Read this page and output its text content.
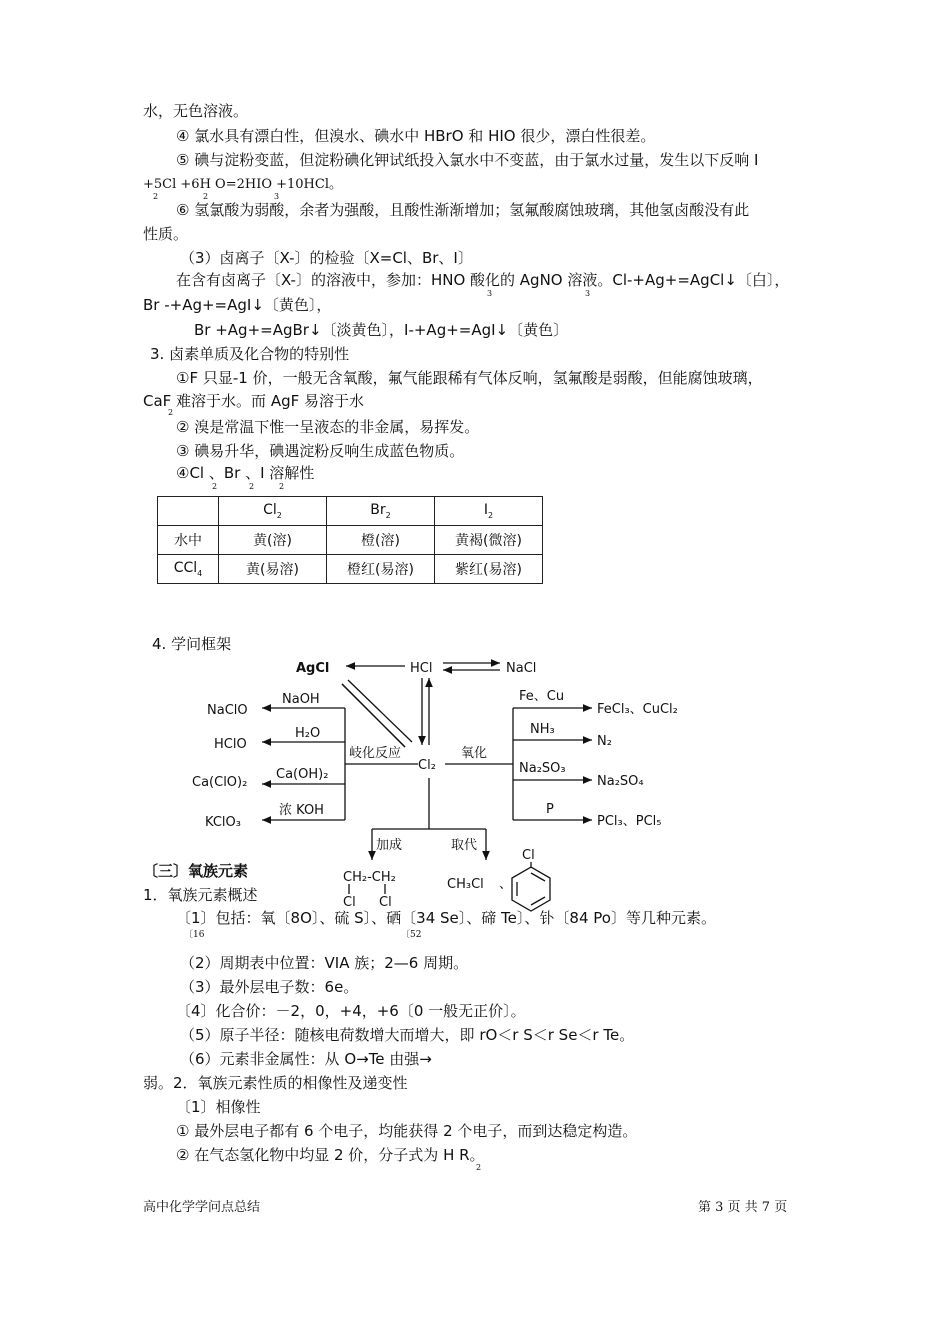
水，无色溶液。
④ 氯水具有漂白性，但溴水、碘水中 HBrO 和 HIO 很少，漂白性很差。
⑤ 碘与淀粉变蓝，但淀粉碘化钾试纸投入氯水中不变蓝，由于氯水过量，发生以下反响 I
+5Cl +6H O=2HIO +10HCl。
2	2	3
⑥ 氢氯酸为弱酸，余者为强酸，且酸性渐渐增加；氢氟酸腐蚀玻璃，其他氢卤酸没有此
性质。
（3）卤离子〔X-〕的检验〔X=Cl、Br、I〕
在含有卤离子〔X-〕的溶液中，参加：HNO 酸化的 AgNO 溶液。Cl-+Ag+=AgCl↓〔白〕，
3	3
Br -+Ag+=AgI↓〔黄色〕，
Br +Ag+=AgBr↓〔淡黄色〕，I-+Ag+=AgI↓〔黄色〕
3. 卤素单质及化合物的特别性
①F 只显-1 价，一般无含氧酸，氟气能跟稀有气体反响，氢氟酸是弱酸，但能腐蚀玻璃，
CaF 难溶于水。而 AgF 易溶于水
2
② 溴是常温下惟一呈液态的非金属，易挥发。
③ 碘易升华，碘遇淀粉反响生成蓝色物质。
④Cl 、Br 、I 溶解性
2	2	2
	$Cl_2$	$Br_2$	$I_2$
水中	黄(溶)	橙(溶)	黄褐(微溶)
CCl$_4$	黄(易溶)	橙红(易溶)	紫红(易溶)
4. 学问框架
AgCl	HCl	NaCl
Cl₂
岐化反应
NaOH
H₂O
Ca(OH)₂
浓 KOH
NaClO
HClO
Ca(ClO)₂
KClO₃
氧化
Fe、Cu
NH₃
Na₂SO₃
P
FeCl₃、CuCl₂
N₂
Na₂SO₄
PCl₃、PCl₅
加成	取代
CH₂-CH₂
Cl Cl
CH₃Cl 、
Cl
〔三〕氧族元素
1．氧族元素概述
〔1〕包括：氧〔8O〕、硫 S〕、硒〔34 Se〕、碲 Te〕、钋〔84 Po〕等几种元素。
〔16	〔52
（2）周期表中位置：VIA 族；2—6 周期。
（3）最外层电子数：6e。
〔4〕化合价：－2，0，+4，+6〔0 一般无正价〕。
（5）原子半径：随核电荷数增大而增大，即 rO＜r S＜r Se＜r Te。
（6）元素非金属性：从 O→Te 由强→
弱。2．氧族元素性质的相像性及递变性
〔1〕相像性
① 最外层电子都有 6 个电子，均能获得 2 个电子，而到达稳定构造。
② 在气态氢化物中均显 2 价，分子式为 H R。
2
高中化学学问点总结	第 3 页 共 7 页
